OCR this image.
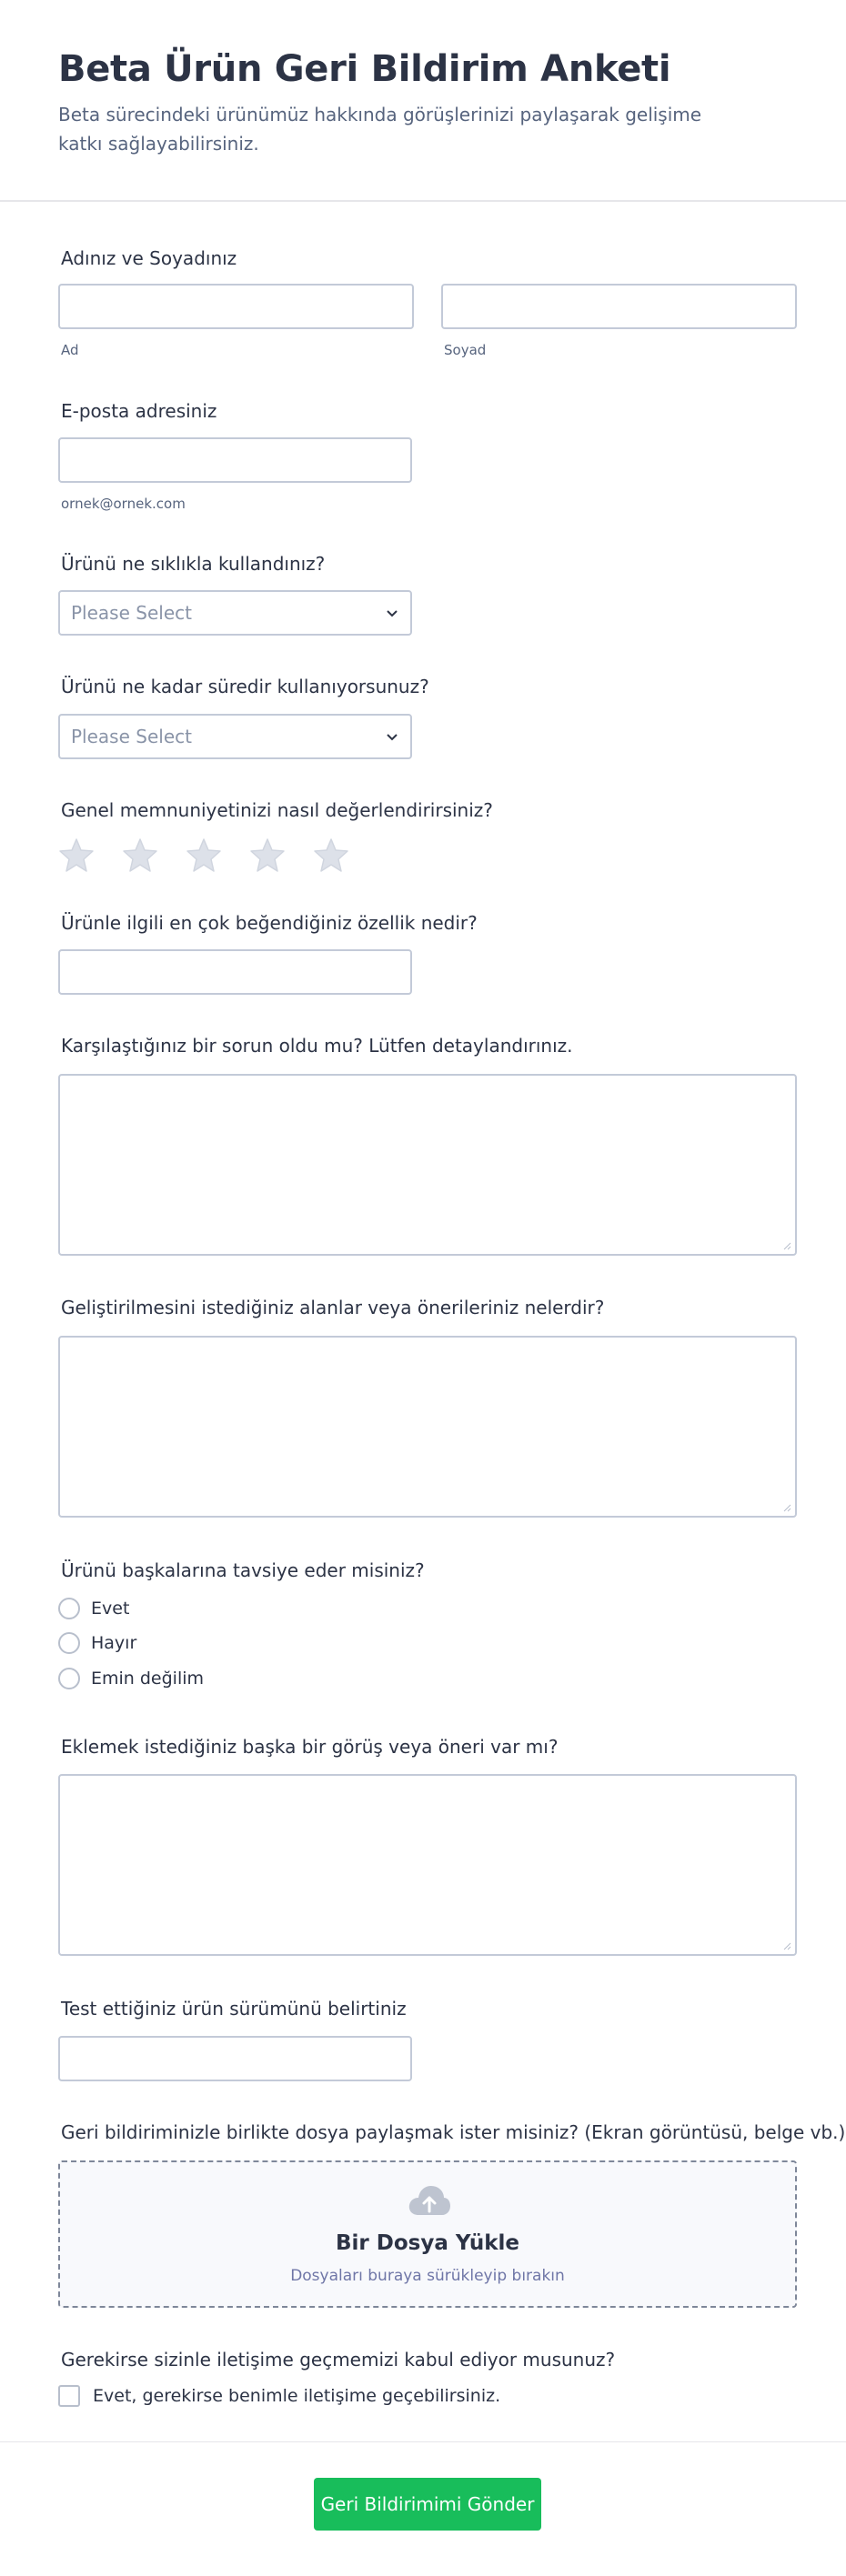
Beta Ürün Geri Bildirim Anketi
Beta sürecindeki ürünümüz hakkında görüşlerinizi paylaşarak gelişime katkı sağlayabilirsiniz.
Adınız ve Soyadınız
Ad	Soyad
E-posta adresiniz
ornek@ornek.com
Ürünü ne sıklıkla kullandınız?
Please Select
Ürünü ne kadar süredir kullanıyorsunuz?
Please Select
Genel memnuniyetinizi nasıl değerlendirirsiniz?
Ürünle ilgili en çok beğendiğiniz özellik nedir?
Karşılaştığınız bir sorun oldu mu? Lütfen detaylandırınız.
Geliştirilmesini istediğiniz alanlar veya önerileriniz nelerdir?
Ürünü başkalarına tavsiye eder misiniz?
Evet
Hayır
Emin değilim
Eklemek istediğiniz başka bir görüş veya öneri var mı?
Test ettiğiniz ürün sürümünü belirtiniz
Geri bildiriminizle birlikte dosya paylaşmak ister misiniz? (Ekran görüntüsü, belge vb.)
Bir Dosya Yükle
Dosyaları buraya sürükleyip bırakın
Gerekirse sizinle iletişime geçmemizi kabul ediyor musunuz?
Evet, gerekirse benimle iletişime geçebilirsiniz.
Geri Bildirimimi Gönder
